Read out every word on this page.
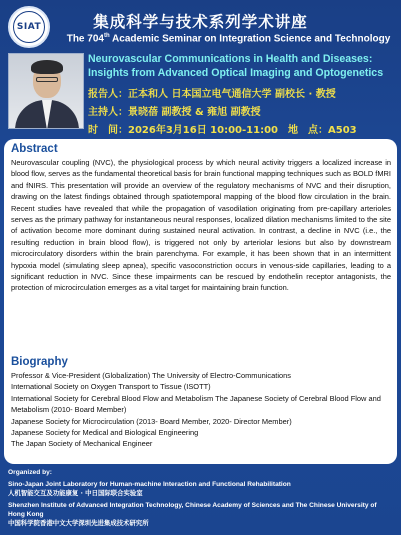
SIAT	集成科学与技术系列学术讲座
The 704th Academic Seminar on Integration Science and Technology
Neurovascular Communications in Health and Diseases: Insights from Advanced Optical Imaging and Optogenetics
报告人：正本和人 日本国立电气通信大学 副校长 · 教授
主持人：景晓蓓 副教授 & 雍旭 副教授
时　间：2026年3月16日 10:00-11:00　地　点：A503
Abstract
Neurovascular coupling (NVC), the physiological process by which neural activity triggers a localized increase in blood flow, serves as the fundamental theoretical basis for brain functional mapping techniques such as BOLD fMRI and fNIRS. This presentation will provide an overview of the regulatory mechanisms of NVC and their disruption, drawing on the latest findings obtained through spatiotemporal mapping of the blood flow circulation in the brain. Recent studies have revealed that while the propagation of vasodilation originating from pre-capillary arterioles serves as the primary pathway for instantaneous neural responses, localized dilation mechanisms limited to the site of activation become more dominant during sustained neural activation. In contrast, a decline in NVC (i.e., the resulting reduction in brain blood flow), is triggered not only by arteriolar lesions but also by downstream microcirculatory disorders within the brain parenchyma. For example, it has been shown that in an intermittent hypoxia model (simulating sleep apnea), specific vasoconstriction occurs in venous-side capillaries, leading to a significant reduction in NVC. Since these impairments can be rescued by endothelin receptor antagonists, the protection of microcirculation emerges as a vital target for maintaining brain function.
Biography
Professor & Vice-President (Globalization) The University of Electro-Communications
International Society on Oxygen Transport to Tissue (ISOTT)
International Society for Cerebral Blood Flow and Metabolism The Japanese Society of Cerebral Blood Flow and Metabolism (2010- Board Member)
Japanese Society for Microcirculation (2013- Board Member, 2020- Director Member)
Japanese Society for Medical and Biological Engineering
The Japan Society of Mechanical Engineer
Organized by:
Sino-Japan Joint Laboratory for Human-machine Interaction and Functional Rehabilitation
人机智能交互及功能康复 · 中日国际联合实验室
Shenzhen Institute of Advanced Integration Technology, Chinese Academy of Sciences and The Chinese University of Hong Kong
中国科学院香港中文大学深圳先进集成技术研究所
